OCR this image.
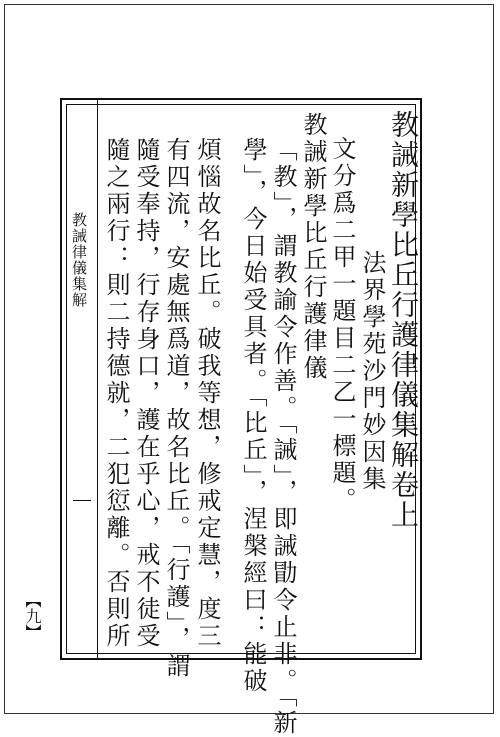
教誡新學比丘行護律儀集解卷上
法界學苑沙門妙因集
文分爲二甲一題目二乙一標題。
教誡新學比丘行護律儀
「教」，謂教諭令作善。「誡」，即誡勖令止非。「新
學」，今日始受具者。「比丘」，涅槃經曰：能破
煩惱故名比丘。破我等想，修戒定慧，度三
有四流，安處無爲道，故名比丘。「行護」，謂
隨受奉持，行存身口，護在乎心，戒不徒受
隨之兩行：則二持德就，二犯愆離。否則所
教誡律儀集解
【九】
